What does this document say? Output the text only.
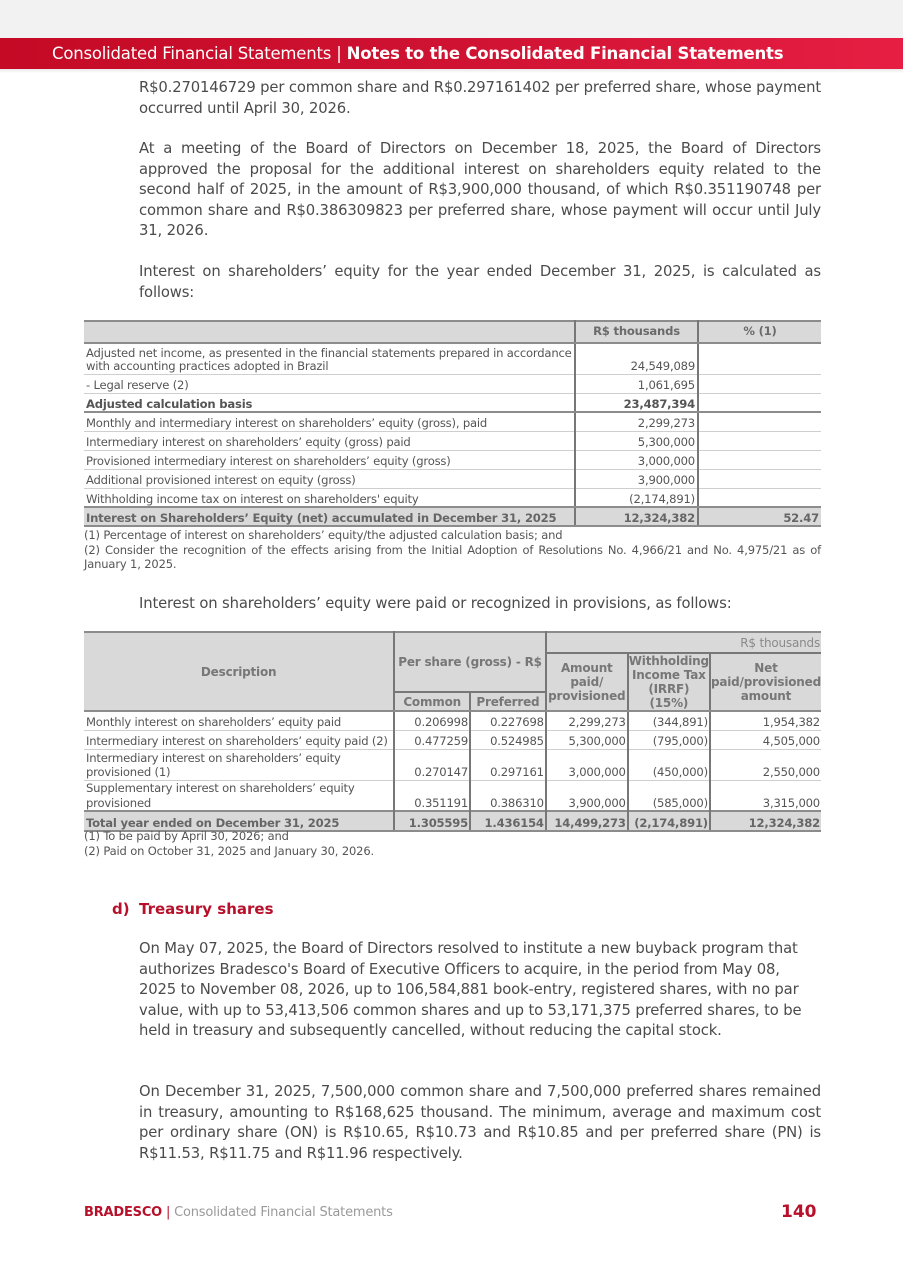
Consolidated Financial Statements | Notes to the Consolidated Financial Statements

R$0.270146729 per common share and R$0.297161402 per preferred share, whose payment occurred until April 30, 2026.

At a meeting of the Board of Directors on December 18, 2025, the Board of Directors approved the proposal for the additional interest on shareholders equity related to the second half of 2025, in the amount of R$3,900,000 thousand, of which R$0.351190748 per common share and R$0.386309823 per preferred share, whose payment will occur until July 31, 2026.

Interest on shareholders’ equity for the year ended December 31, 2025, is calculated as follows:

	R$ thousands	% (1)
Adjusted net income, as presented in the financial statements prepared in accordance with accounting practices adopted in Brazil	24,549,089	
- Legal reserve (2)	1,061,695	
Adjusted calculation basis	23,487,394	
Monthly and intermediary interest on shareholders’ equity (gross), paid	2,299,273	
Intermediary interest on shareholders’ equity (gross) paid	5,300,000	
Provisioned intermediary interest on shareholders’ equity (gross)	3,000,000	
Additional provisioned interest on equity (gross)	3,900,000	
Withholding income tax on interest on shareholders' equity	(2,174,891)	
Interest on Shareholders’ Equity (net) accumulated in December 31, 2025	12,324,382	52.47
(1) Percentage of interest on shareholders’ equity/the adjusted calculation basis; and
(2) Consider the recognition of the effects arising from the Initial Adoption of Resolutions No. 4,966/21 and No. 4,975/21 as of January 1, 2025.

Interest on shareholders’ equity were paid or recognized in provisions, as follows:

Description	Per share (gross) - R$		R$ thousands		
			Amount paid/ provisioned	Withholding Income Tax (IRRF) (15%)	Net paid/provisioned amount
	Common	Preferred			
Monthly interest on shareholders’ equity paid	0.206998	0.227698	2,299,273	(344,891)	1,954,382
Intermediary interest on shareholders’ equity paid (2)	0.477259	0.524985	5,300,000	(795,000)	4,505,000
Intermediary interest on shareholders’ equity provisioned (1)	0.270147	0.297161	3,000,000	(450,000)	2,550,000
Supplementary interest on shareholders’ equity provisioned	0.351191	0.386310	3,900,000	(585,000)	3,315,000
Total year ended on December 31, 2025	1.305595	1.436154	14,499,273	(2,174,891)	12,324,382
(1) To be paid by April 30, 2026; and
(2) Paid on October 31, 2025 and January 30, 2026.
d) Treasury shares

On May 07, 2025, the Board of Directors resolved to institute a new buyback program that authorizes Bradesco's Board of Executive Officers to acquire, in the period from May 08, 2025 to November 08, 2026, up to 106,584,881 book-entry, registered shares, with no par value, with up to 53,413,506 common shares and up to 53,171,375 preferred shares, to be held in treasury and subsequently cancelled, without reducing the capital stock.

On December 31, 2025, 7,500,000 common share and 7,500,000 preferred shares remained in treasury, amounting to R$168,625 thousand. The minimum, average and maximum cost per ordinary share (ON) is R$10.65, R$10.73 and R$10.85 and per preferred share (PN) is R$11.53, R$11.75 and R$11.96 respectively.

BRADESCO | Consolidated Financial Statements	140
